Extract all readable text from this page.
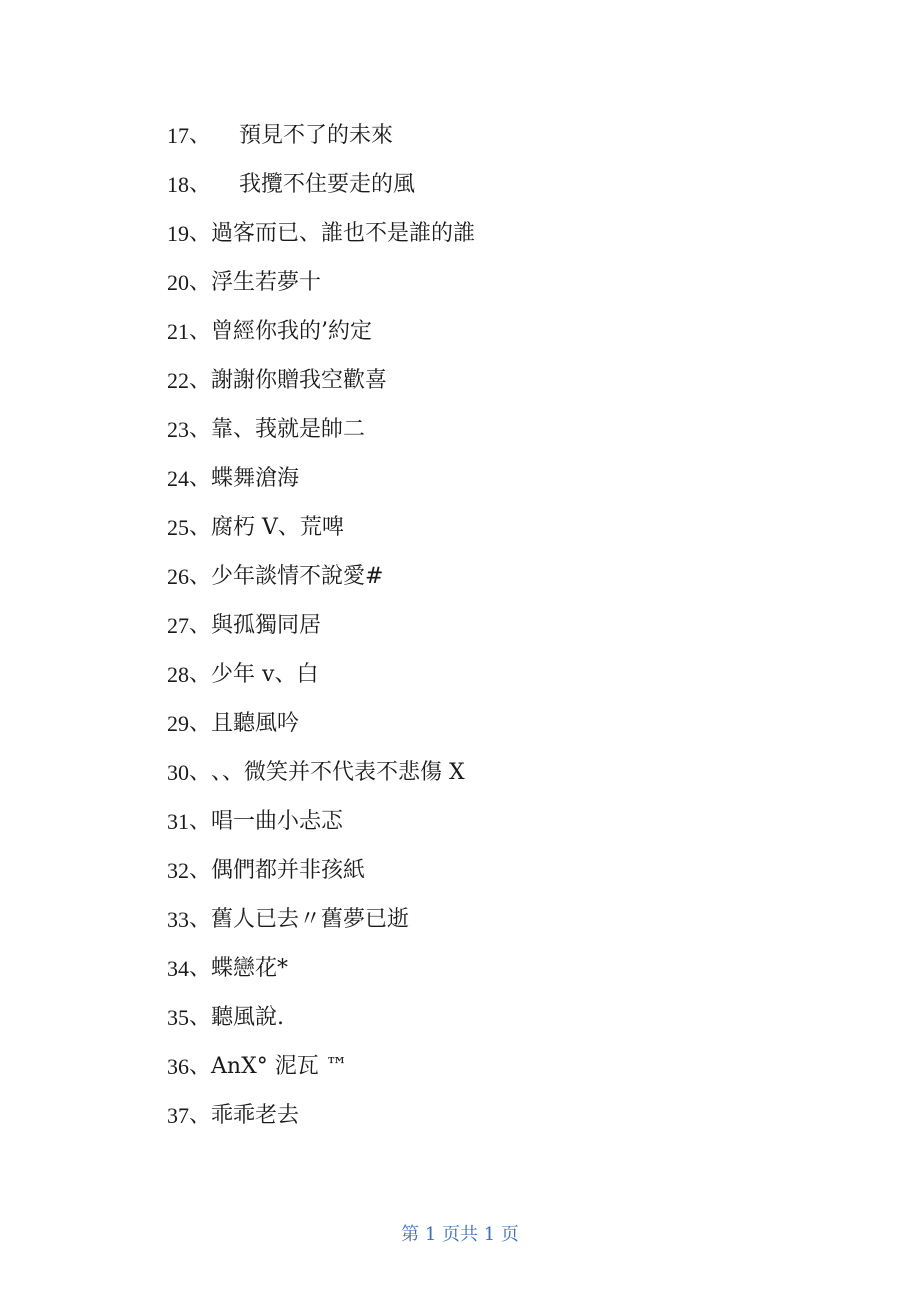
17 、 預見不了的未來
18 、 我攬不住要走的風
19 、 過客而已、誰也不是誰的誰
20 、 浮生若夢十
21 、 曾經你我的’約定
22 、 謝謝你贈我空歡喜
23 、 靠、莪就是帥二
24 、 蝶舞滄海
25 、 腐朽 V、荒啤
26 、 少年談情不說愛#
27 、 與孤獨同居
28 、 少年 v、白
29 、 且聽風吟
30 、 、、微笑并不代表不悲傷 X
31 、 唱一曲小忐忑
32 、 偶們都并非孩紙
33 、 舊人已去〃舊夢已逝
34 、 蝶戀花*
35 、 聽風說.
36 、 AnX° 泥瓦 ™
37 、 乖乖老去
第 1 页共 1 页
